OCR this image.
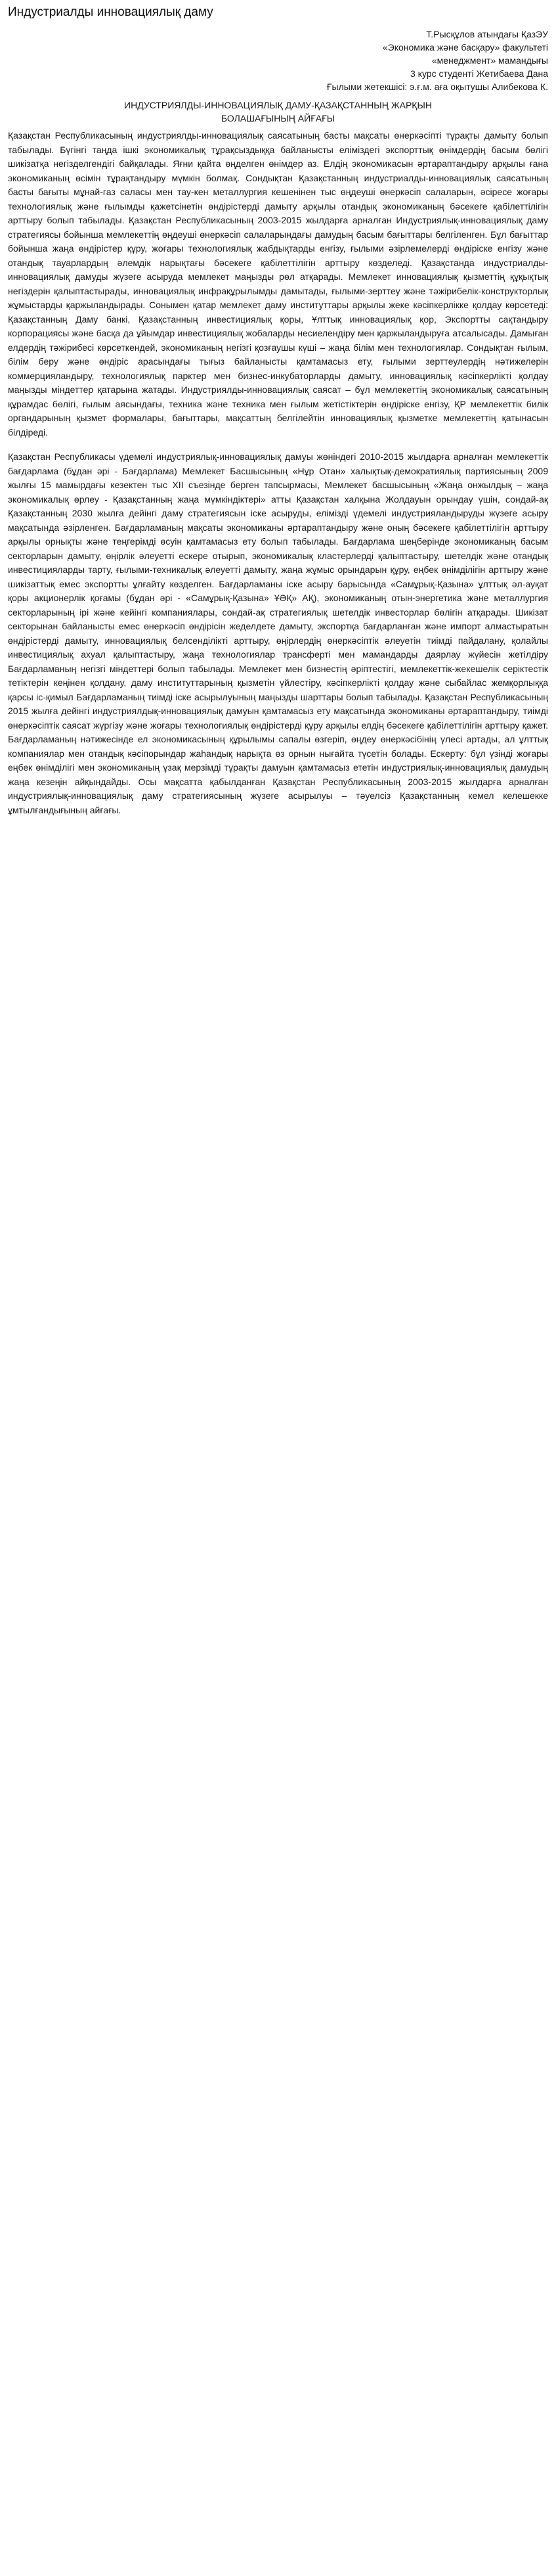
Индустриалды инновациялық даму
Т.Рысқұлов атындағы ҚазЭУ
«Экономика және басқару» факультеті
«менеджмент» мамандығы
3 курс студенті Жетибаева Дана
Ғылыми жетекшісі: э.ғ.м. аға оқытушы Алибекова К.
ИНДУСТРИЯЛДЫ-ИННОВАЦИЯЛЫҚ ДАМУ-ҚАЗАҚСТАННЫҢ ЖАРҚЫН
БОЛАШАҒЫНЫҢ АЙҒАҒЫ

Қазақстан Республикасының индустриялды-инновациялық саясатының басты мақсаты өнеркәсіпті тұрақты дамыту болып табылады. Бүгінгі таңда ішкі экономикалық тұрақсыздыққа байланысты еліміздегі экспорттық өнімдердің басым бөлігі шикізатқа негізделгендігі байқалады. Яғни қайта өңделген өнімдер аз. Елдің экономикасын әртараптандыру арқылы ғана экономиканың өсімін тұрақтандыру мүмкін болмақ. Сондықтан Қазақстанның индустриалды-инновациялық саясатының басты бағыты мұнай-газ саласы мен тау-кен металлургия кешенінен тыс өңдеуші өнеркәсіп салаларын, әсіресе жоғары технологиялық және ғылымды қажетсінетін өндірістерді дамыту арқылы отандық экономиканың бәсекеге қабілеттілігін арттыру болып табылады. Қазақстан Республикасының 2003-2015 жылдарға арналған Индустриялық-инновациялық даму стратегиясы бойынша мемлекеттің өңдеуші өнеркәсіп салаларындағы дамудың басым бағыттары белгіленген. Бұл бағыттар бойынша жаңа өндірістер құру, жоғары технологиялық жабдықтарды енгізу, ғылыми әзірлемелерді өндіріске енгізу және отандық тауарлардың әлемдік нарықтағы бәсекеге қабілеттілігін арттыру көзделеді. Қазақстанда индустриалды-инновациялық дамуды жүзеге асыруда мемлекет маңызды рөл атқарады. Мемлекет инновациялық қызметтің құқықтық негіздерін қалыптастырады, инновациялық инфрақұрылымды дамытады, ғылыми-зерттеу және тәжірибелік-конструкторлық жұмыстарды қаржыландырады. Сонымен қатар мемлекет даму институттары арқылы жеке кәсіпкерлікке қолдау көрсетеді: Қазақстанның Даму банкі, Қазақстанның инвестициялық қоры, Ұлттық инновациялық қор, Экспортты сақтандыру корпорациясы және басқа да ұйымдар инвестициялық жобаларды несиелендіру мен қаржыландыруға атсалысады. Дамыған елдердің тәжірибесі көрсеткендей, экономиканың негізгі қозғаушы күші – жаңа білім мен технологиялар. Сондықтан ғылым, білім беру және өндіріс арасындағы тығыз байланысты қамтамасыз ету, ғылыми зерттеулердің нәтижелерін коммерцияландыру, технологиялық парктер мен бизнес-инкубаторларды дамыту, инновациялық кәсіпкерлікті қолдау маңызды міндеттер қатарына жатады. Индустриялды-инновациялық саясат – бұл мемлекеттің экономикалық саясатының құрамдас бөлігі, ғылым аясындағы, техника және техника мен ғылым жетістіктерін өндіріске енгізу, ҚР мемлекеттік билік органдарының қызмет формалары, бағыттары, мақсаттың белгілейтін инновациялық қызметке мемлекеттің қатынасын білдіреді.

Қазақстан Республикасы үдемелі индустриялық-инновациялық дамуы жөніндегі 2010-2015 жылдарға арналған мемлекеттік бағдарлама (бұдан әрі - Бағдарлама) Мемлекет Басшысының «Нұр Отан» халықтық-демократиялық партиясының 2009 жылғы 15 мамырдағы кезектен тыс XII съезінде берген тапсырмасы, Мемлекет басшысының «Жаңа онжылдық – жаңа экономикалық өрлеу - Қазақстанның жаңа мүмкіндіктері» атты Қазақстан халқына Жолдауын орындау үшін, сондай-ақ Қазақстанның 2030 жылға дейінгі даму стратегиясын іске асыруды, елімізді үдемелі индустрияландыруды жүзеге асыру мақсатында әзірленген. Бағдарламаның мақсаты экономиканы әртараптандыру және оның бәсекеге қабілеттілігін арттыру арқылы орнықты және теңгерімді өсуін қамтамасыз ету болып табылады. Бағдарлама шеңберінде экономиканың басым секторларын дамыту, өңірлік әлеуетті ескере отырып, экономикалық кластерлерді қалыптастыру, шетелдік және отандық инвестицияларды тарту, ғылыми-техникалық әлеуетті дамыту, жаңа жұмыс орындарын құру, еңбек өнімділігін арттыру және шикізаттық емес экспортты ұлғайту көзделген. Бағдарламаны іске асыру барысында «Самұрық-Қазына» ұлттық әл-ауқат қоры акционерлік қоғамы (бұдан әрі - «Самұрық-Қазына» ҰӘҚ» АҚ), экономиканың отын-энергетика және металлургия секторларының ірі және кейінгі компаниялары, сондай-ақ стратегиялық шетелдік инвесторлар бөлігін атқарады. Шикізат секторынан байланысты емес өнеркәсіп өндірісін жеделдете дамыту, экспортқа бағдарланған және импорт алмастыратын өндірістерді дамыту, инновациялық белсенділікті арттыру, өңірлердің өнеркәсіптік әлеуетін тиімді пайдалану, қолайлы инвестициялық ахуал қалыптастыру, жаңа технологиялар трансферті мен мамандарды даярлау жүйесін жетілдіру Бағдарламаның негізгі міндеттері болып табылады. Мемлекет мен бизнестің әріптестігі, мемлекеттік-жекешелік серіктестік тетіктерін кеңінен қолдану, даму институттарының қызметін үйлестіру, кәсіпкерлікті қолдау және сыбайлас жемқорлыққа қарсы іс-қимыл Бағдарламаның тиімді іске асырылуының маңызды шарттары болып табылады. Қазақстан Республикасының 2015 жылға дейінгі индустриялдық-инновациялық дамуын қамтамасыз ету мақсатында экономиканы әртараптандыру, тиімді өнеркәсіптік саясат жүргізу және жоғары технологиялық өндірістерді құру арқылы елдің бәсекеге қабілеттілігін арттыру қажет. Бағдарламаның нәтижесінде ел экономикасының құрылымы сапалы өзгеріп, өңдеу өнеркәсібінің үлесі артады, ал ұлттық компаниялар мен отандық кәсіпорындар жаһандық нарықта өз орнын нығайта түсетін болады. Ескерту: бұл үзінді жоғары еңбек өнімділігі мен экономиканың ұзақ мерзімді тұрақты дамуын қамтамасыз ететін индустриялық-инновациялық дамудың жаңа кезеңін айқындайды. Осы мақсатта қабылданған Қазақстан Республикасының 2003-2015 жылдарға арналған индустриялық-инновациялық даму стратегиясының жүзеге асырылуы – тәуелсіз Қазақстанның кемел келешекке ұмтылғандығының айғағы.
